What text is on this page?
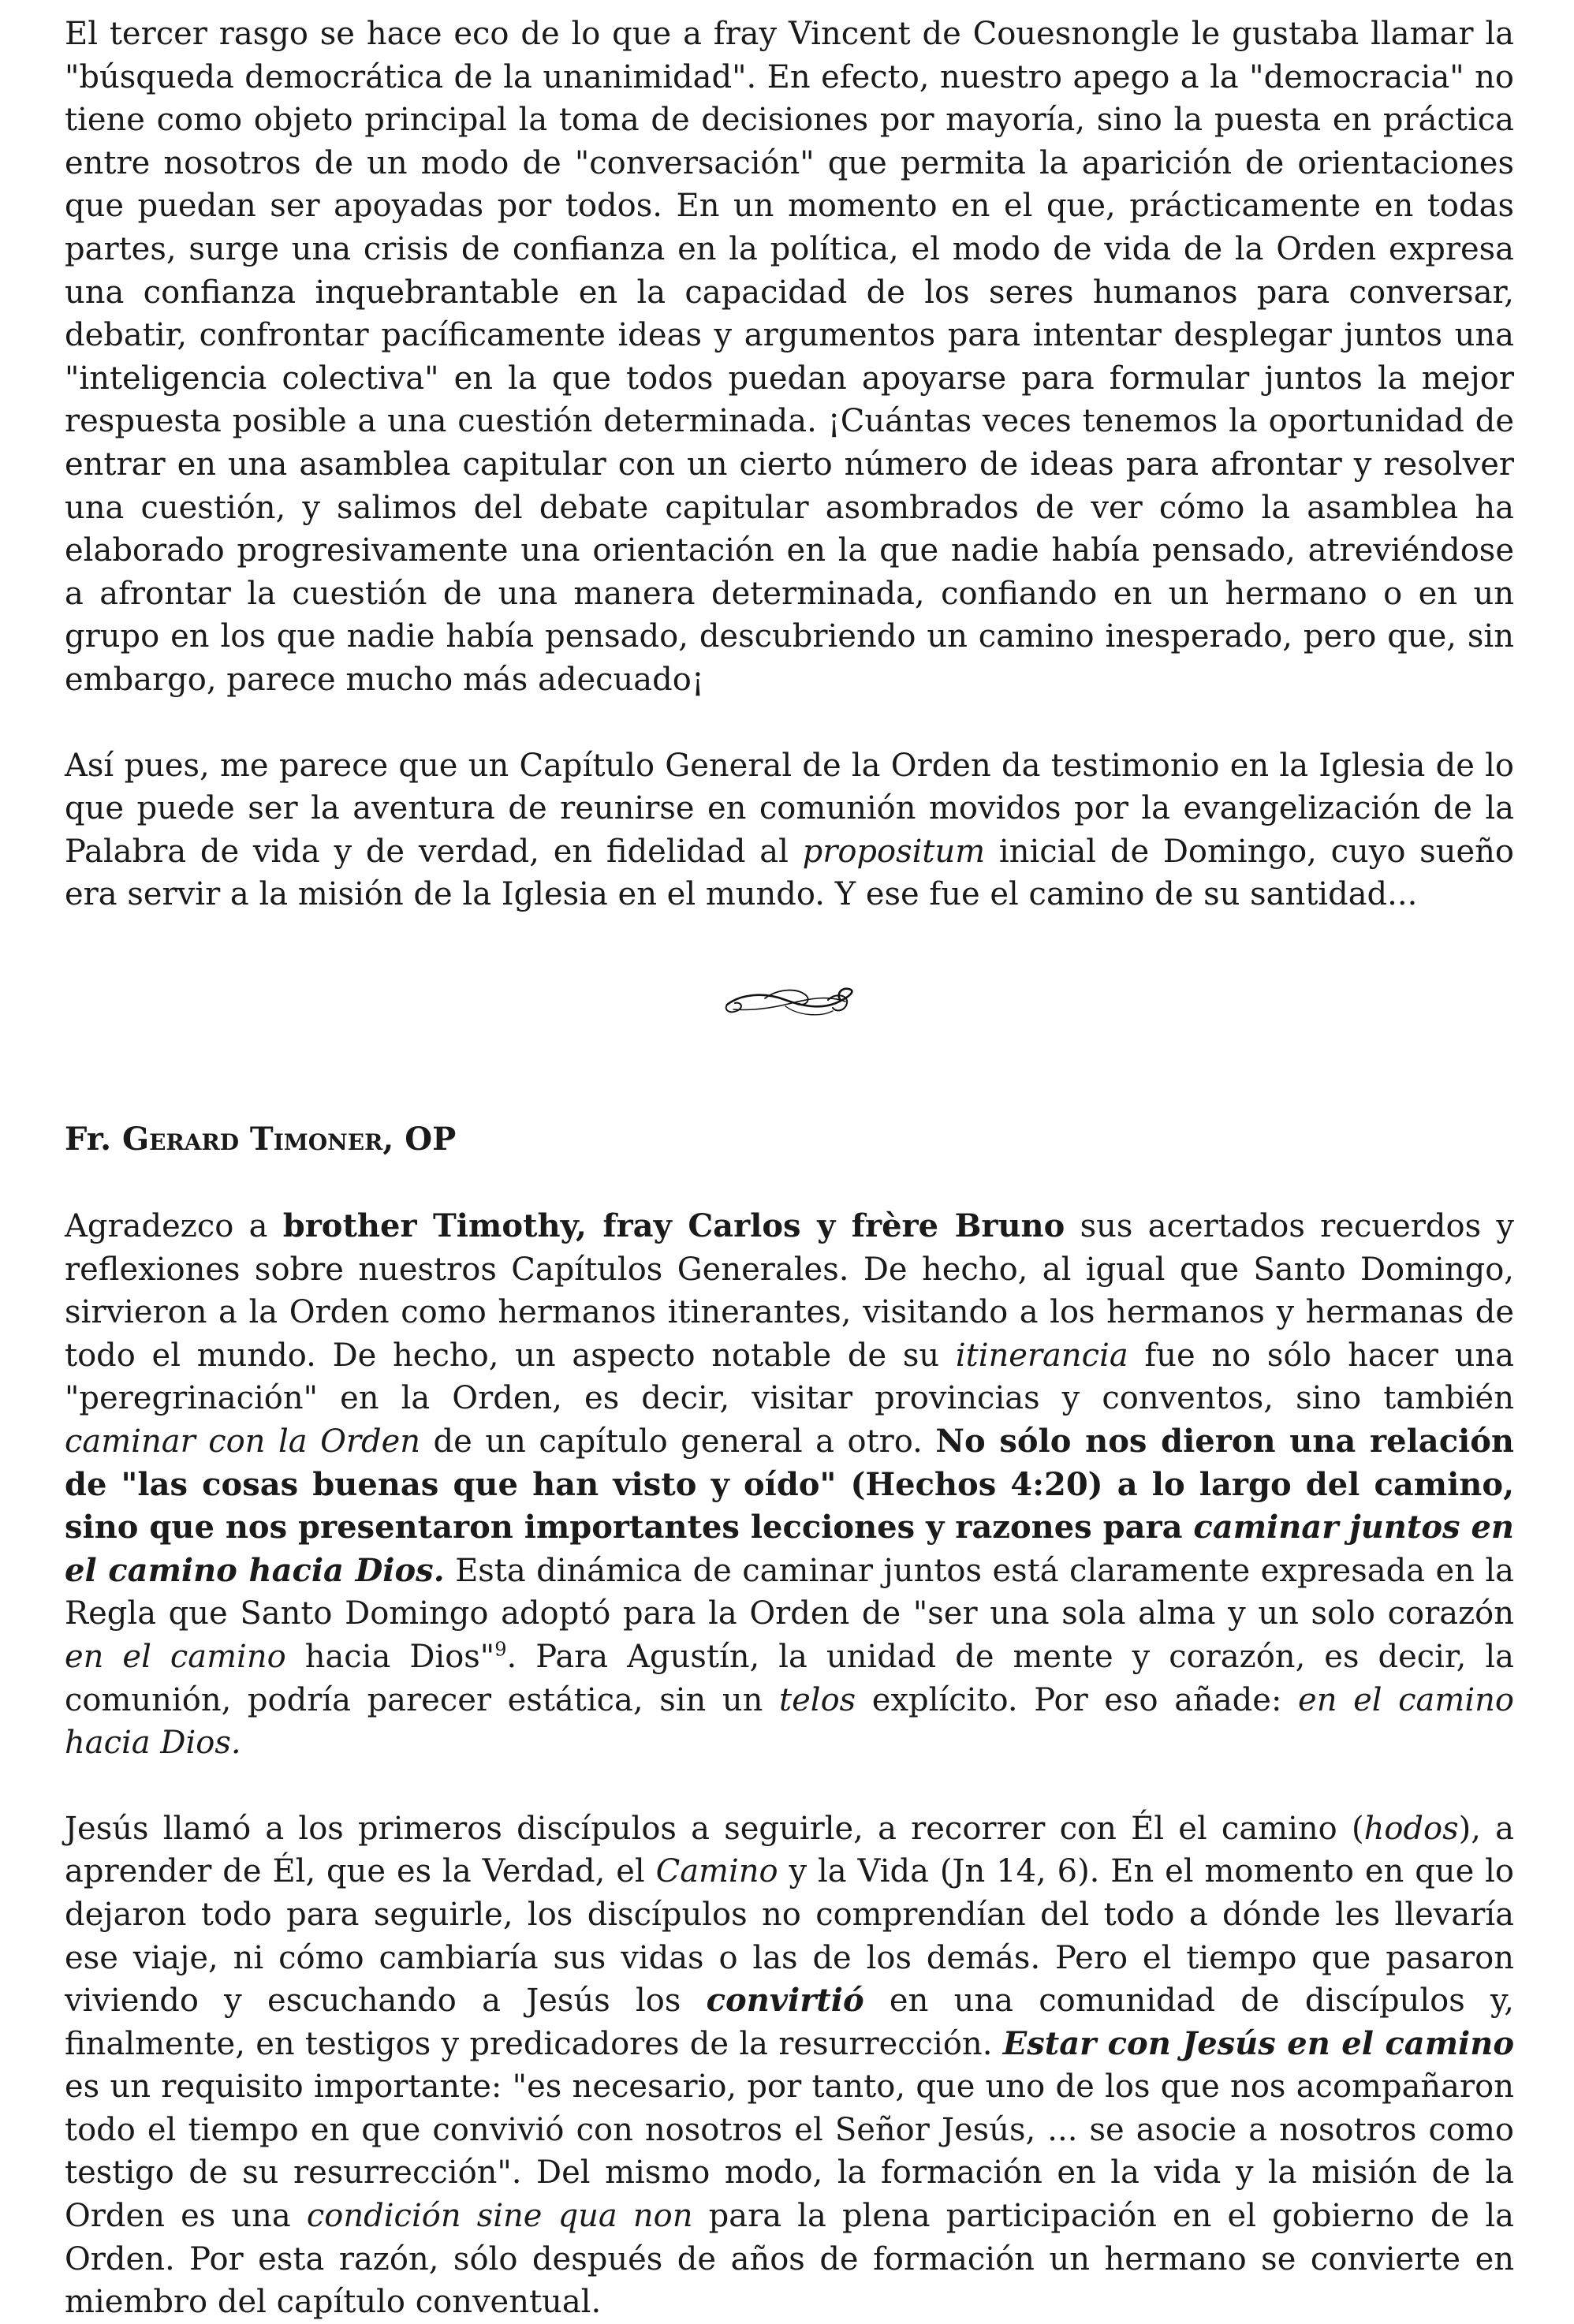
El tercer rasgo se hace eco de lo que a fray Vincent de Couesnongle le gustaba llamar la "búsqueda democrática de la unanimidad". En efecto, nuestro apego a la "democracia" no tiene como objeto principal la toma de decisiones por mayoría, sino la puesta en práctica entre nosotros de un modo de "conversación" que permita la aparición de orientaciones que puedan ser apoyadas por todos. En un momento en el que, prácticamente en todas partes, surge una crisis de confianza en la política, el modo de vida de la Orden expresa una confianza inquebrantable en la capacidad de los seres humanos para conversar, debatir, confrontar pacíficamente ideas y argumentos para intentar desplegar juntos una "inteligencia colectiva" en la que todos puedan apoyarse para formular juntos la mejor respuesta posible a una cuestión determinada. ¡Cuántas veces tenemos la oportunidad de entrar en una asamblea capitular con un cierto número de ideas para afrontar y resolver una cuestión, y salimos del debate capitular asombrados de ver cómo la asamblea ha elaborado progresivamente una orientación en la que nadie había pensado, atreviéndose a afrontar la cuestión de una manera determinada, confiando en un hermano o en un grupo en los que nadie había pensado, descubriendo un camino inesperado, pero que, sin embargo, parece mucho más adecuado¡

Así pues, me parece que un Capítulo General de la Orden da testimonio en la Iglesia de lo que puede ser la aventura de reunirse en comunión movidos por la evangelización de la Palabra de vida y de verdad, en fidelidad al propositum inicial de Domingo, cuyo sueño era servir a la misión de la Iglesia en el mundo. Y ese fue el camino de su santidad...

Fr. Gerard Timoner, OP

Agradezco a brother Timothy, fray Carlos y frère Bruno sus acertados recuerdos y reflexiones sobre nuestros Capítulos Generales. De hecho, al igual que Santo Domingo, sirvieron a la Orden como hermanos itinerantes, visitando a los hermanos y hermanas de todo el mundo. De hecho, un aspecto notable de su itinerancia fue no sólo hacer una "peregrinación" en la Orden, es decir, visitar provincias y conventos, sino también caminar con la Orden de un capítulo general a otro. No sólo nos dieron una relación de "las cosas buenas que han visto y oído" (Hechos 4:20) a lo largo del camino, sino que nos presentaron importantes lecciones y razones para caminar juntos en el camino hacia Dios. Esta dinámica de caminar juntos está claramente expresada en la Regla que Santo Domingo adoptó para la Orden de "ser una sola alma y un solo corazón en el camino hacia Dios"$^9$. Para Agustín, la unidad de mente y corazón, es decir, la comunión, podría parecer estática, sin un telos explícito. Por eso añade: en el camino hacia Dios.

Jesús llamó a los primeros discípulos a seguirle, a recorrer con Él el camino (hodos), a aprender de Él, que es la Verdad, el Camino y la Vida (Jn 14, 6). En el momento en que lo dejaron todo para seguirle, los discípulos no comprendían del todo a dónde les llevaría ese viaje, ni cómo cambiaría sus vidas o las de los demás. Pero el tiempo que pasaron viviendo y escuchando a Jesús los convirtió en una comunidad de discípulos y, finalmente, en testigos y predicadores de la resurrección. Estar con Jesús en el camino es un requisito importante: "es necesario, por tanto, que uno de los que nos acompañaron todo el tiempo en que convivió con nosotros el Señor Jesús, ... se asocie a nosotros como testigo de su resurrección". Del mismo modo, la formación en la vida y la misión de la Orden es una condición sine qua non para la plena participación en el gobierno de la Orden. Por esta razón, sólo después de años de formación un hermano se convierte en miembro del capítulo conventual.
